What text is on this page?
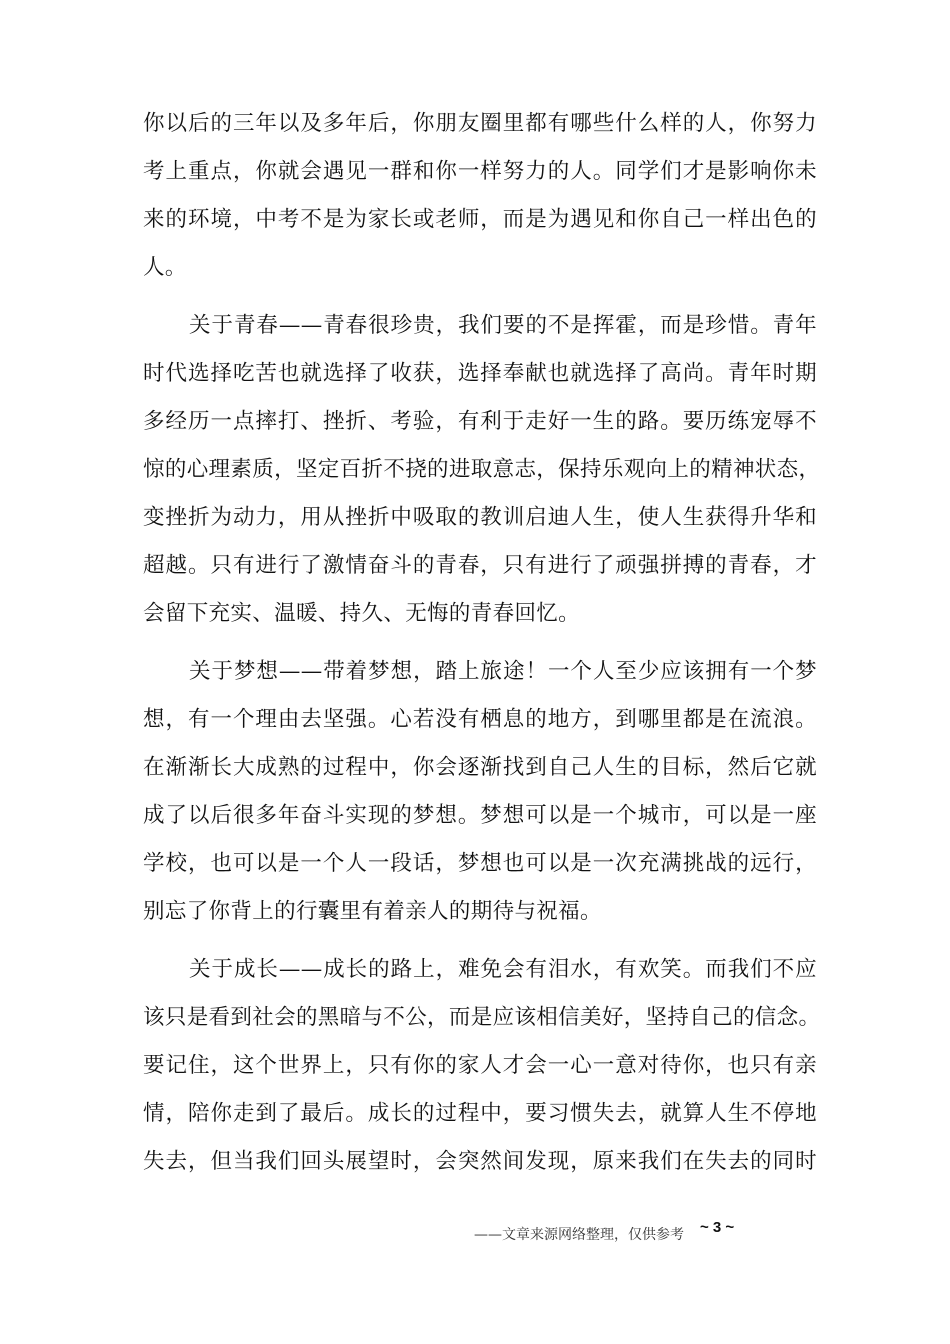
你以后的三年以及多年后，你朋友圈里都有哪些什么样的人，你努力
考上重点，你就会遇见一群和你一样努力的人。同学们才是影响你未
来的环境，中考不是为家长或老师，而是为遇见和你自己一样出色的
人。
关于青春——青春很珍贵，我们要的不是挥霍，而是珍惜。青年
时代选择吃苦也就选择了收获，选择奉献也就选择了高尚。青年时期
多经历一点摔打、挫折、考验，有利于走好一生的路。要历练宠辱不
惊的心理素质，坚定百折不挠的进取意志，保持乐观向上的精神状态，
变挫折为动力，用从挫折中吸取的教训启迪人生，使人生获得升华和
超越。只有进行了激情奋斗的青春，只有进行了顽强拼搏的青春，才
会留下充实、温暖、持久、无悔的青春回忆。
关于梦想——带着梦想，踏上旅途！一个人至少应该拥有一个梦
想，有一个理由去坚强。心若没有栖息的地方，到哪里都是在流浪。
在渐渐长大成熟的过程中，你会逐渐找到自己人生的目标，然后它就
成了以后很多年奋斗实现的梦想。梦想可以是一个城市，可以是一座
学校，也可以是一个人一段话，梦想也可以是一次充满挑战的远行，
别忘了你背上的行囊里有着亲人的期待与祝福。
关于成长——成长的路上，难免会有泪水，有欢笑。而我们不应
该只是看到社会的黑暗与不公，而是应该相信美好，坚持自己的信念。
要记住，这个世界上，只有你的家人才会一心一意对待你，也只有亲
情，陪你走到了最后。成长的过程中，要习惯失去，就算人生不停地
失去，但当我们回头展望时，会突然间发现，原来我们在失去的同时
——文章来源网络整理，仅供参考 ~ 3 ~
